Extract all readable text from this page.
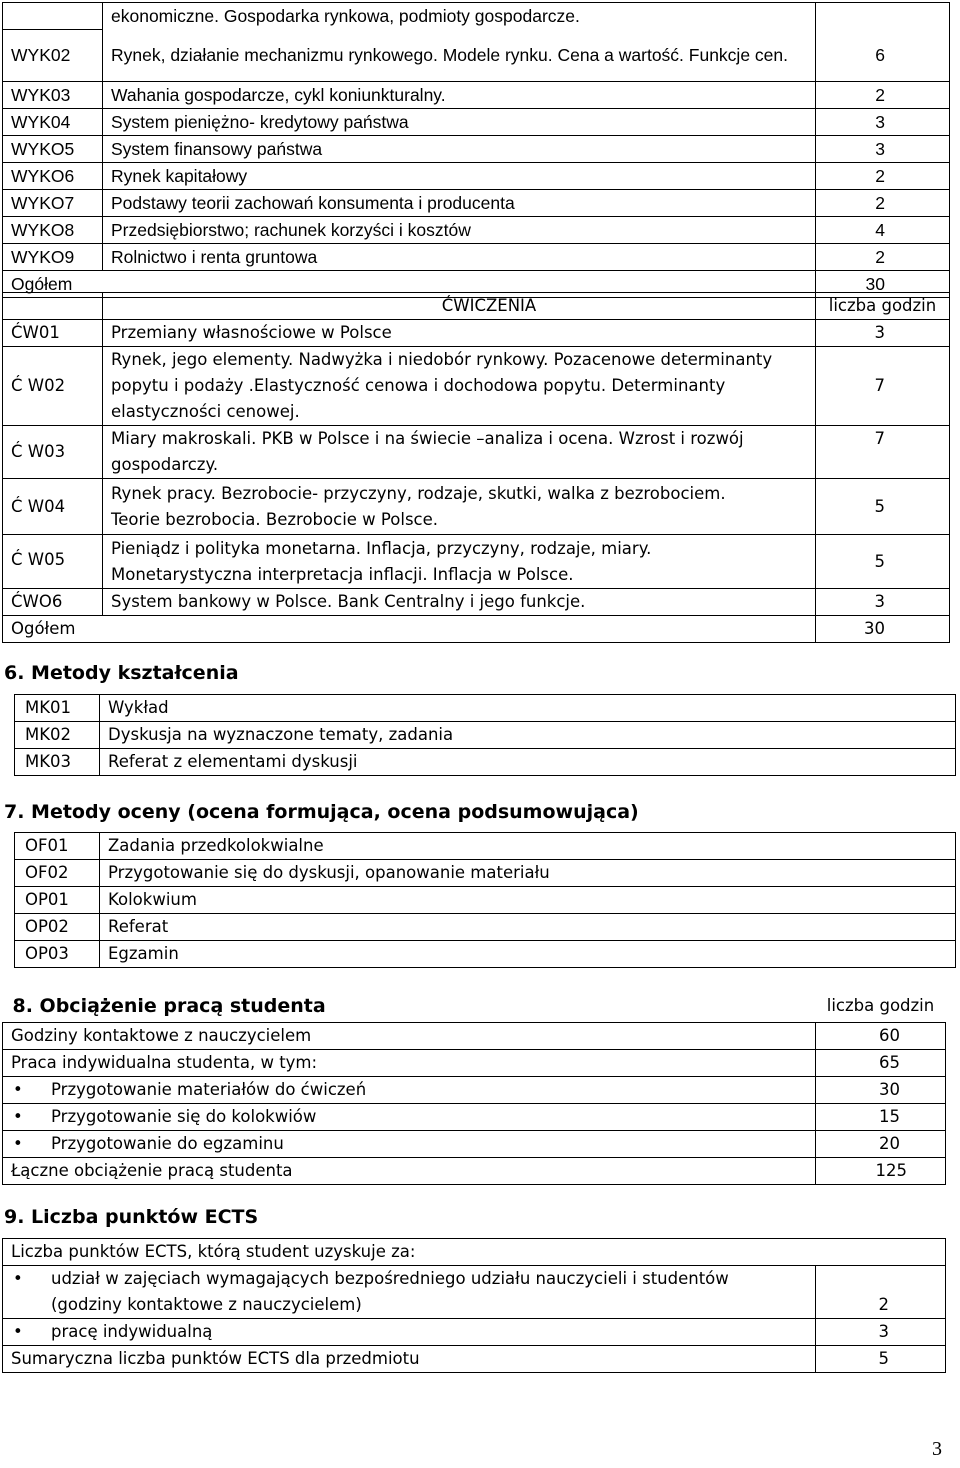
	ekonomiczne. Gospodarka rynkowa, podmioty gospodarcze.	
WYK02	Rynek, działanie mechanizmu rynkowego. Modele rynku. Cena a wartość. Funkcje cen.	6
WYK03	Wahania gospodarcze, cykl koniunkturalny.	2
WYK04	System pieniężno- kredytowy państwa	3
WYKO5	System finansowy państwa	3
WYKO6	Rynek kapitałowy	2
WYKO7	Podstawy teorii zachowań konsumenta i producenta	2
WYKO8	Przedsiębiorstwo; rachunek korzyści i kosztów	4
WYKO9	Rolnictwo i renta gruntowa	2
Ogółem		30
	ĆWICZENIA	liczba godzin
ĆW01	Przemiany własnościowe w Polsce	3
Ć W02	Rynek, jego elementy. Nadwyżka i niedobór rynkowy. Pozacenowe determinanty popytu i podaży .Elastyczność cenowa i dochodowa popytu. Determinanty elastyczności cenowej.	7
Ć W03	Miary makroskali. PKB w Polsce i na świecie –analiza i ocena. Wzrost i rozwój gospodarczy.	7
Ć W04	Rynek pracy. Bezrobocie- przyczyny, rodzaje, skutki, walka z bezrobociem. Teorie bezrobocia. Bezrobocie w Polsce.	5
Ć W05	Pieniądz i polityka monetarna. Inflacja, przyczyny, rodzaje, miary. Monetarystyczna interpretacja inflacji. Inflacja w Polsce.	5
ĆWO6	System bankowy w Polsce. Bank Centralny i jego funkcje.	3
Ogółem		30
6. Metody kształcenia
MK01	Wykład
MK02	Dyskusja na wyznaczone tematy, zadania
MK03	Referat z elementami dyskusji
7. Metody oceny (ocena formująca, ocena podsumowująca)
OF01	Zadania przedkolokwialne
OF02	Przygotowanie się do dyskusji, opanowanie materiału
OP01	Kolokwium
OP02	Referat
OP03	Egzamin
8. Obciążenie pracą studenta	liczba godzin
Godziny kontaktowe z nauczycielem	60
Praca indywidualna studenta, w tym:	65
• Przygotowanie materiałów do ćwiczeń	30
• Przygotowanie się do kolokwiów	15
• Przygotowanie do egzaminu	20
Łączne obciążenie pracą studenta	125
9. Liczba punktów ECTS
Liczba punktów ECTS, którą student uzyskuje za:	

• udział w zajęciach wymagających bezpośredniego udziału nauczycieli i studentów
(godziny kontaktowe z nauczycielem)	2
• pracę indywidualną	3
Sumaryczna liczba punktów ECTS dla przedmiotu	5
3
